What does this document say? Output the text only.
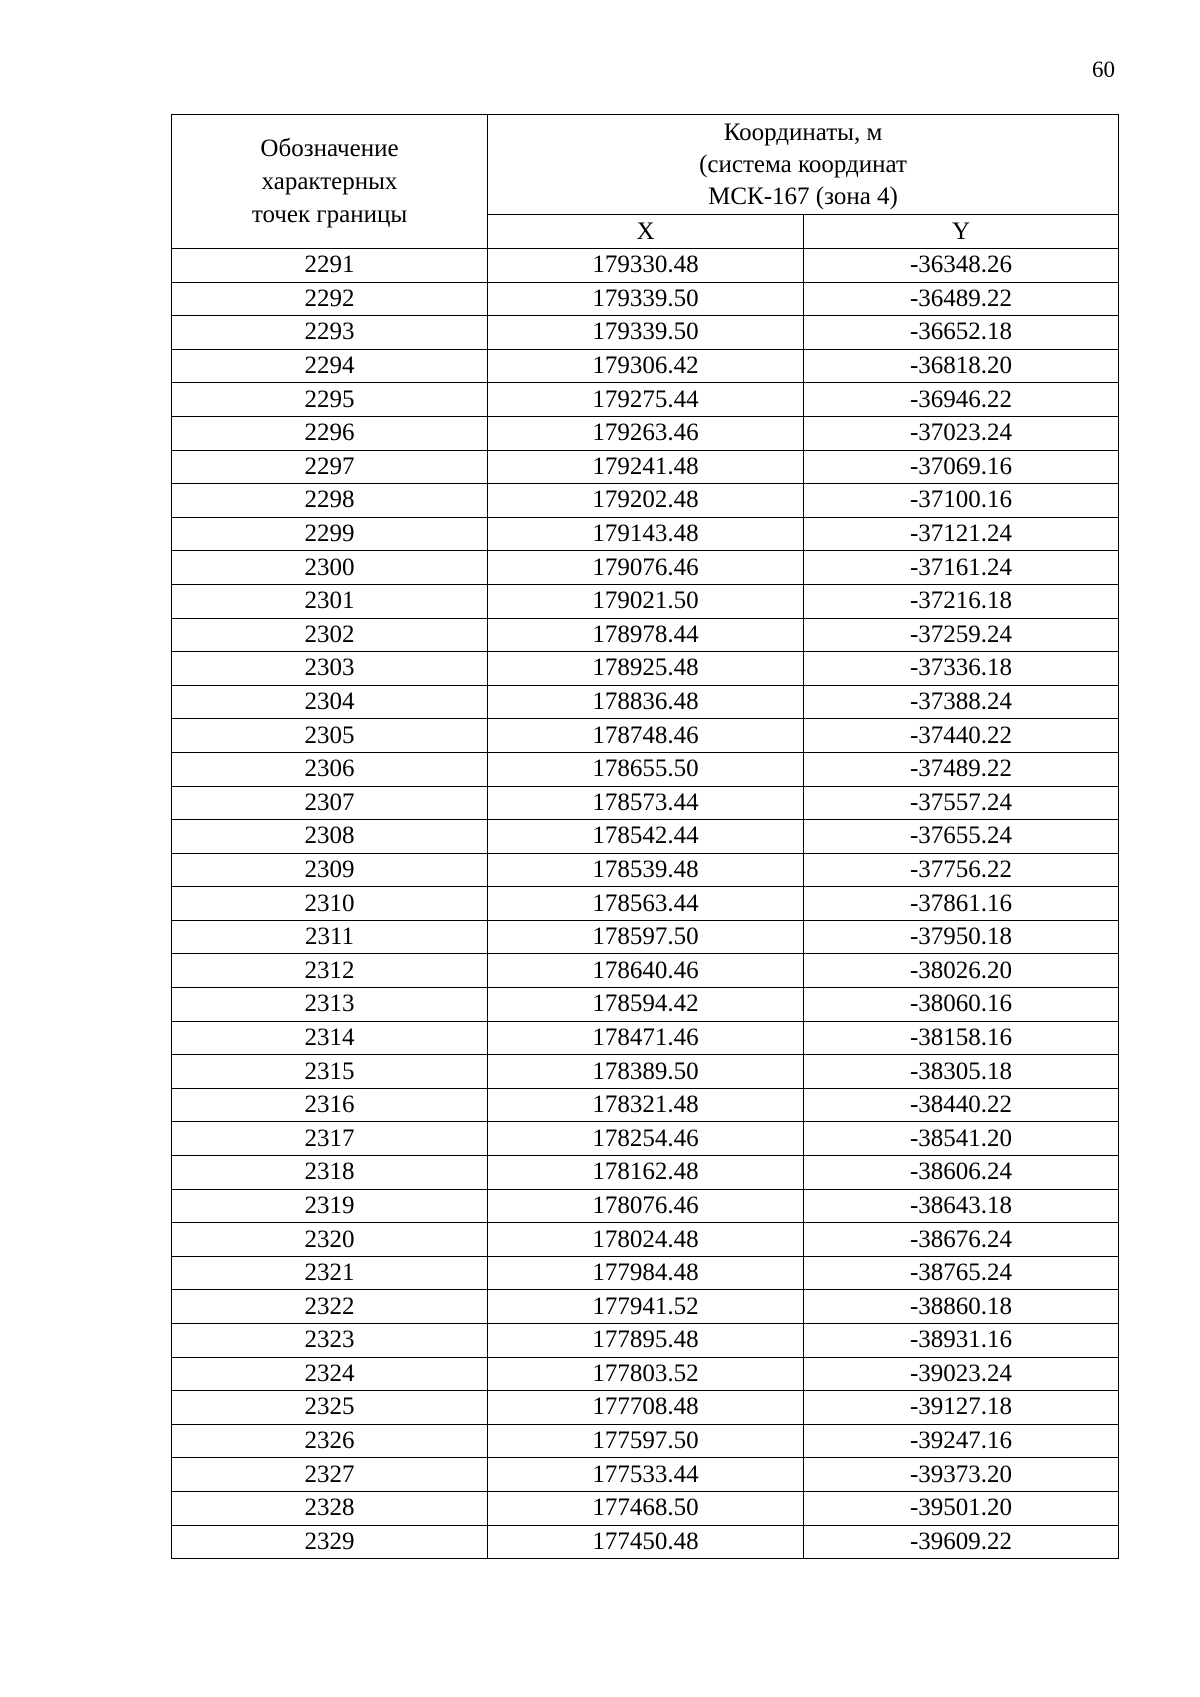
60
Обозначение
характерных
точек границы	Координаты, м
(система координат
МСК-167 (зона 4)	

	X	Y
2291	179330.48	-36348.26
2292	179339.50	-36489.22
2293	179339.50	-36652.18
2294	179306.42	-36818.20
2295	179275.44	-36946.22
2296	179263.46	-37023.24
2297	179241.48	-37069.16
2298	179202.48	-37100.16
2299	179143.48	-37121.24
2300	179076.46	-37161.24
2301	179021.50	-37216.18
2302	178978.44	-37259.24
2303	178925.48	-37336.18
2304	178836.48	-37388.24
2305	178748.46	-37440.22
2306	178655.50	-37489.22
2307	178573.44	-37557.24
2308	178542.44	-37655.24
2309	178539.48	-37756.22
2310	178563.44	-37861.16
2311	178597.50	-37950.18
2312	178640.46	-38026.20
2313	178594.42	-38060.16
2314	178471.46	-38158.16
2315	178389.50	-38305.18
2316	178321.48	-38440.22
2317	178254.46	-38541.20
2318	178162.48	-38606.24
2319	178076.46	-38643.18
2320	178024.48	-38676.24
2321	177984.48	-38765.24
2322	177941.52	-38860.18
2323	177895.48	-38931.16
2324	177803.52	-39023.24
2325	177708.48	-39127.18
2326	177597.50	-39247.16
2327	177533.44	-39373.20
2328	177468.50	-39501.20
2329	177450.48	-39609.22
